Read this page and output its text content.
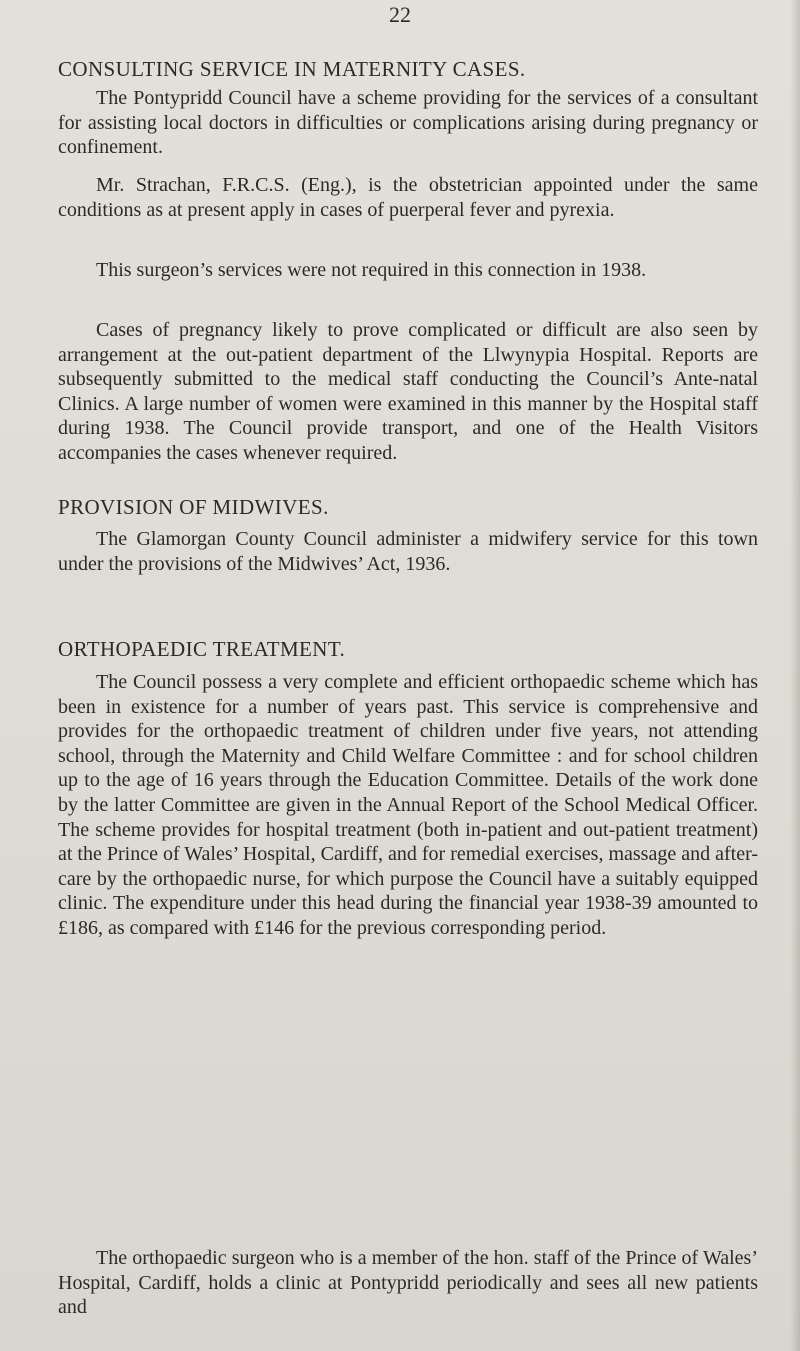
22

CONSULTING SERVICE IN MATERNITY CASES.

The Pontypridd Council have a scheme providing for the services of a consultant for assisting local doctors in difficulties or complications arising during pregnancy or confinement.

Mr. Strachan, F.R.C.S. (Eng.), is the obstetrician appointed under the same conditions as at present apply in cases of puerperal fever and pyrexia.

This surgeon’s services were not required in this connection in 1938.

Cases of pregnancy likely to prove complicated or difficult are also seen by arrangement at the out-patient department of the Llwynypia Hospital. Reports are subsequently submitted to the medical staff conducting the Council’s Ante-natal Clinics. A large number of women were examined in this manner by the Hospital staff during 1938. The Council provide transport, and one of the Health Visitors accompanies the cases whenever required.

PROVISION OF MIDWIVES.

The Glamorgan County Council administer a midwifery service for this town under the provisions of the Midwives’ Act, 1936.

ORTHOPAEDIC TREATMENT.

The Council possess a very complete and efficient orthopaedic scheme which has been in existence for a number of years past. This service is comprehensive and provides for the orthopaedic treatment of children under five years, not attending school, through the Maternity and Child Welfare Committee : and for school children up to the age of 16 years through the Education Committee. Details of the work done by the latter Committee are given in the Annual Report of the School Medical Officer. The scheme provides for hospital treatment (both in-patient and out-patient treatment) at the Prince of Wales’ Hospital, Cardiff, and for remedial exercises, massage and after-care by the orthopaedic nurse, for which purpose the Council have a suitably equipped clinic. The expenditure under this head during the financial year 1938-39 amounted to £186, as compared with £146 for the previous corresponding period.

The orthopaedic surgeon who is a member of the hon. staff of the Prince of Wales’ Hospital, Cardiff, holds a clinic at Pontypridd periodically and sees all new patients and
